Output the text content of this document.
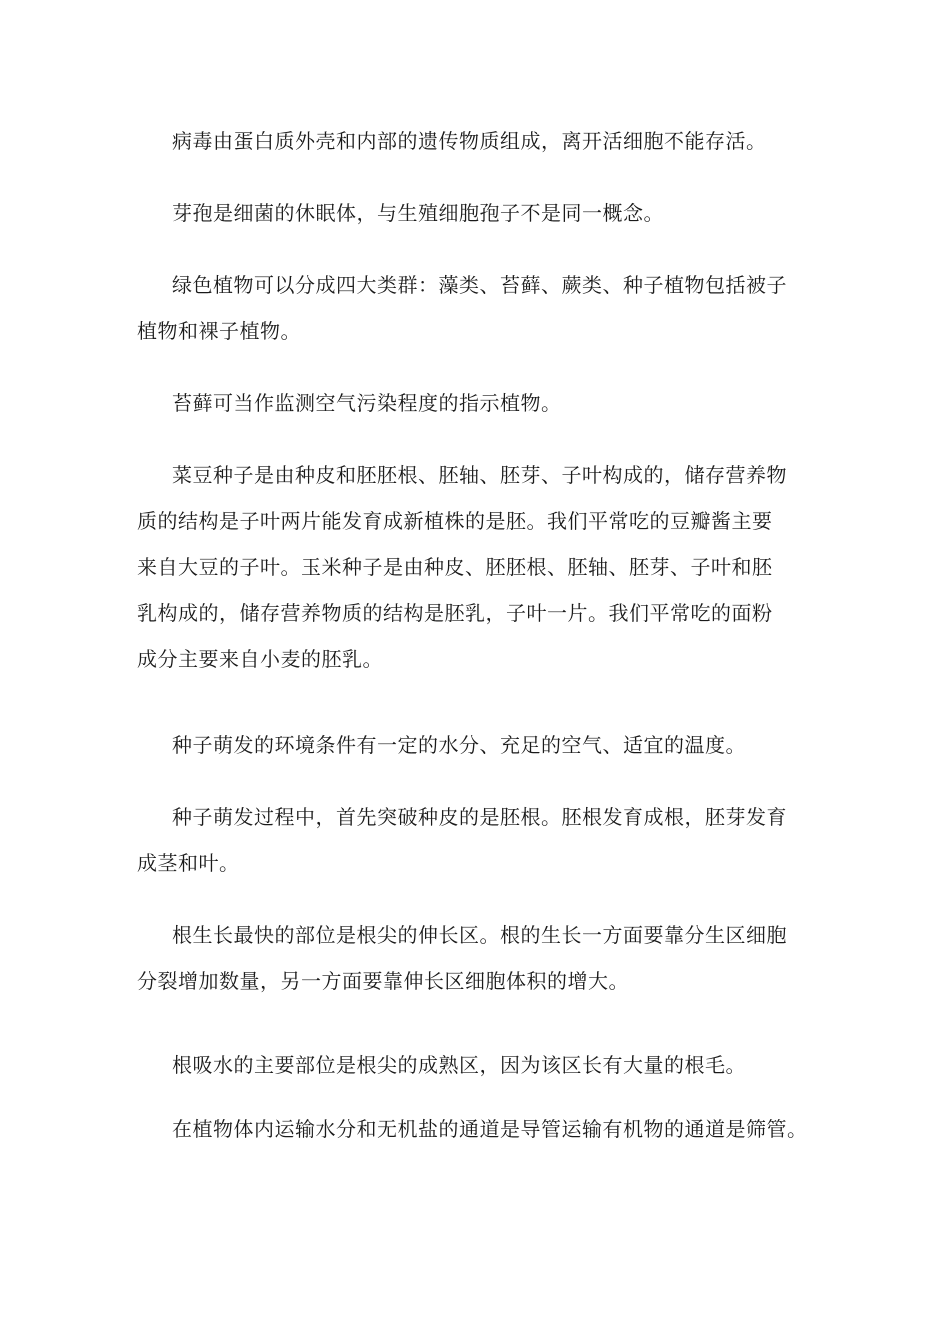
病毒由蛋白质外壳和内部的遗传物质组成，离开活细胞不能存活。

芽孢是细菌的休眠体，与生殖细胞孢子不是同一概念。

绿色植物可以分成四大类群：藻类、苔藓、蕨类、种子植物包括被子
植物和裸子植物。

苔藓可当作监测空气污染程度的指示植物。

菜豆种子是由种皮和胚胚根、胚轴、胚芽、子叶构成的，储存营养物
质的结构是子叶两片能发育成新植株的是胚。我们平常吃的豆瓣酱主要
来自大豆的子叶。玉米种子是由种皮、胚胚根、胚轴、胚芽、子叶和胚
乳构成的，储存营养物质的结构是胚乳，子叶一片。我们平常吃的面粉
成分主要来自小麦的胚乳。

种子萌发的环境条件有一定的水分、充足的空气、适宜的温度。

种子萌发过程中，首先突破种皮的是胚根。胚根发育成根，胚芽发育
成茎和叶。

根生长最快的部位是根尖的伸长区。根的生长一方面要靠分生区细胞
分裂增加数量，另一方面要靠伸长区细胞体积的增大。

根吸水的主要部位是根尖的成熟区，因为该区长有大量的根毛。

在植物体内运输水分和无机盐的通道是导管运输有机物的通道是筛管。
